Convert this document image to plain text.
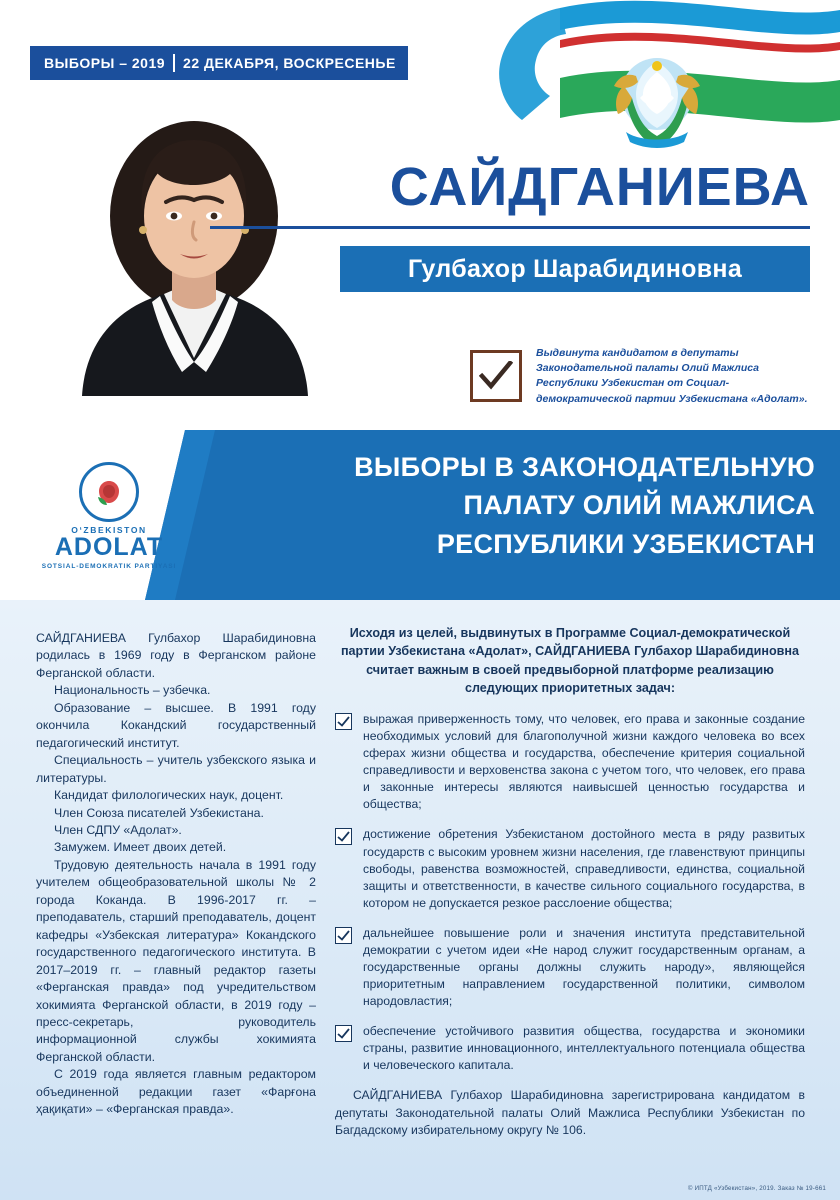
ВЫБОРЫ – 2019 22 ДЕКАБРЯ, ВОСКРЕСЕНЬЕ
САЙДГАНИЕВА
Гулбахор Шарабидиновна
Выдвинута кандидатом в депутаты Законодательной палаты Олий Мажлиса Республики Узбекистан от Социал-демократической партии Узбекистана «Адолат».
ВЫБОРЫ В ЗАКОНОДАТЕЛЬНУЮ
ПАЛАТУ ОЛИЙ МАЖЛИСА
РЕСПУБЛИКИ УЗБЕКИСТАН
O‘ZBEKISTON
ADOLAT
SOTSIAL-DEMOKRATIK PARTIYASI

САЙДГАНИЕВА Гулбахор Шарабидиновна родилась в 1969 году в Ферганском районе Ферганской области.

Национальность – узбечка.

Образование – высшее. В 1991 году окончила Кокандский государственный педагогический институт.

Специальность – учитель узбекского языка и литературы.

Кандидат филологических наук, доцент.

Член Союза писателей Узбекистана.

Член СДПУ «Адолат».

Замужем. Имеет двоих детей.

Трудовую деятельность начала в 1991 году учителем общеобразовательной школы № 2 города Коканда. В 1996-2017 гг. – преподаватель, старший преподаватель, доцент кафедры «Узбекская литература» Кокандского государственного педагогического института. В 2017–2019 гг. – главный редактор газеты «Ферганская правда» под учредительством хокимията Ферганской области, в 2019 году – пресс-секретарь, руководитель информационной службы хокимията Ферганской области.

С 2019 года является главным редактором объединенной редакции газет «Фарғона ҳақиқати» – «Ферганская правда».

Исходя из целей, выдвинутых в Программе Социал-демократической партии Узбекистана «Адолат», САЙДГАНИЕВА Гулбахор Шарабидиновна считает важным в своей предвыборной платформе реализацию следующих приоритетных задач:
выражая приверженность тому, что человек, его права и законные создание необходимых условий для благополучной жизни каждого человека во всех сферах жизни общества и государства, обеспечение критерия социальной справедливости и верховенства закона с учетом того, что человек, его права и законные интересы являются наивысшей ценностью государства и общества;
достижение обретения Узбекистаном достойного места в ряду развитых государств с высоким уровнем жизни населения, где главенствуют принципы свободы, равенства возможностей, справедливости, единства, социальной защиты и ответственности, в качестве сильного социального государства, в котором не допускается резкое расслоение общества;
дальнейшее повышение роли и значения института представительной демократии с учетом идеи «Не народ служит государственным органам, а государственные органы должны служить народу», являющейся приоритетным направлением государственной политики, символом народовластия;
обеспечение устойчивого развития общества, государства и экономики страны, развитие инновационного, интеллектуального потенциала общества и человеческого капитала.
САЙДГАНИЕВА Гулбахор Шарабидиновна зарегистрирована кандидатом в депутаты Законодательной палаты Олий Мажлиса Республики Узбекистан по Багдадскому избирательному округу № 106.
© ИПТД «Узбекистан», 2019. Заказ № 19-661
